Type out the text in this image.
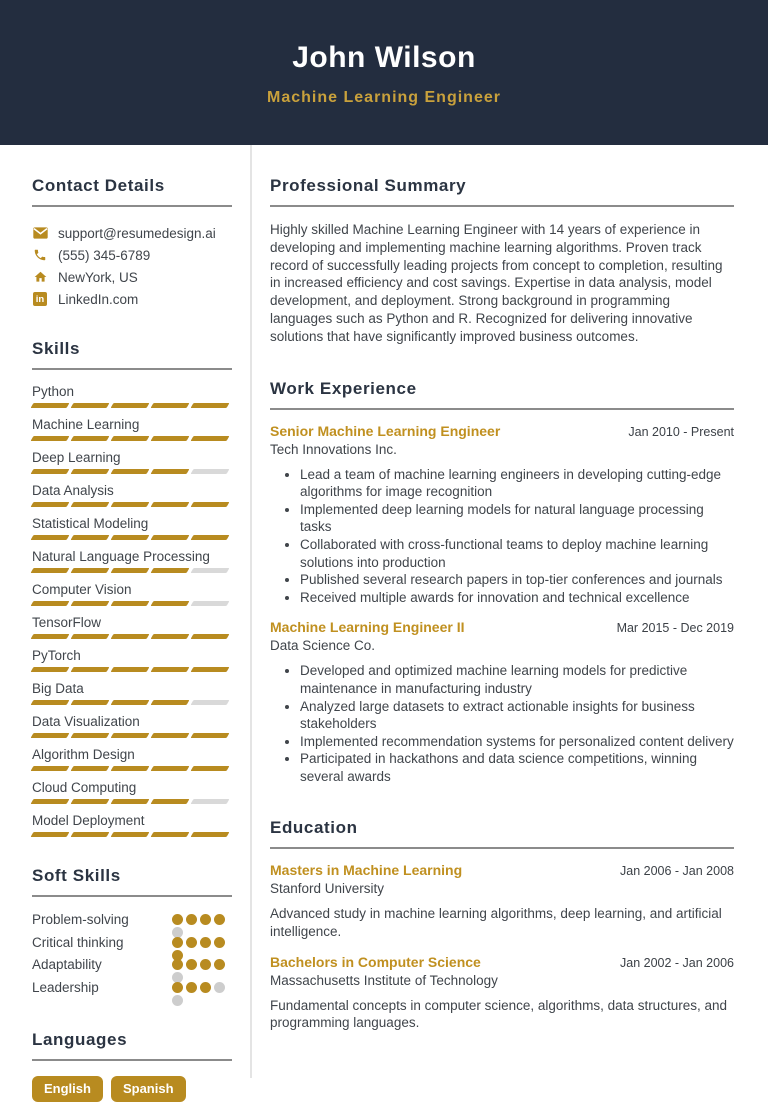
John Wilson
Machine Learning Engineer
Contact Details
support@resumedesign.ai
(555) 345-6789
NewYork, US
in LinkedIn.com
Skills
Python
Machine Learning
Deep Learning
Data Analysis
Statistical Modeling
Natural Language Processing
Computer Vision
TensorFlow
PyTorch
Big Data
Data Visualization
Algorithm Design
Cloud Computing
Model Deployment
Soft Skills
Problem-solving
Critical thinking
Adaptability
Leadership
Languages
English	Spanish
Professional Summary

Highly skilled Machine Learning Engineer with 14 years of experience in developing and implementing machine learning algorithms. Proven track record of successfully leading projects from concept to completion, resulting in increased efficiency and cost savings. Expertise in data analysis, model development, and deployment. Strong background in programming languages such as Python and R. Recognized for delivering innovative solutions that have significantly improved business outcomes.

Work Experience
Senior Machine Learning Engineer	Jan 2010 - Present
Tech Innovations Inc.
• Lead a team of machine learning engineers in developing cutting-edge algorithms for image recognition
• Implemented deep learning models for natural language processing tasks
• Collaborated with cross-functional teams to deploy machine learning solutions into production
• Published several research papers in top-tier conferences and journals
• Received multiple awards for innovation and technical excellence
Machine Learning Engineer II	Mar 2015 - Dec 2019
Data Science Co.
• Developed and optimized machine learning models for predictive maintenance in manufacturing industry
• Analyzed large datasets to extract actionable insights for business stakeholders
• Implemented recommendation systems for personalized content delivery
• Participated in hackathons and data science competitions, winning several awards
Education
Masters in Machine Learning	Jan 2006 - Jan 2008
Stanford University

Advanced study in machine learning algorithms, deep learning, and artificial intelligence.

Bachelors in Computer Science	Jan 2002 - Jan 2006
Massachusetts Institute of Technology

Fundamental concepts in computer science, algorithms, data structures, and programming languages.
